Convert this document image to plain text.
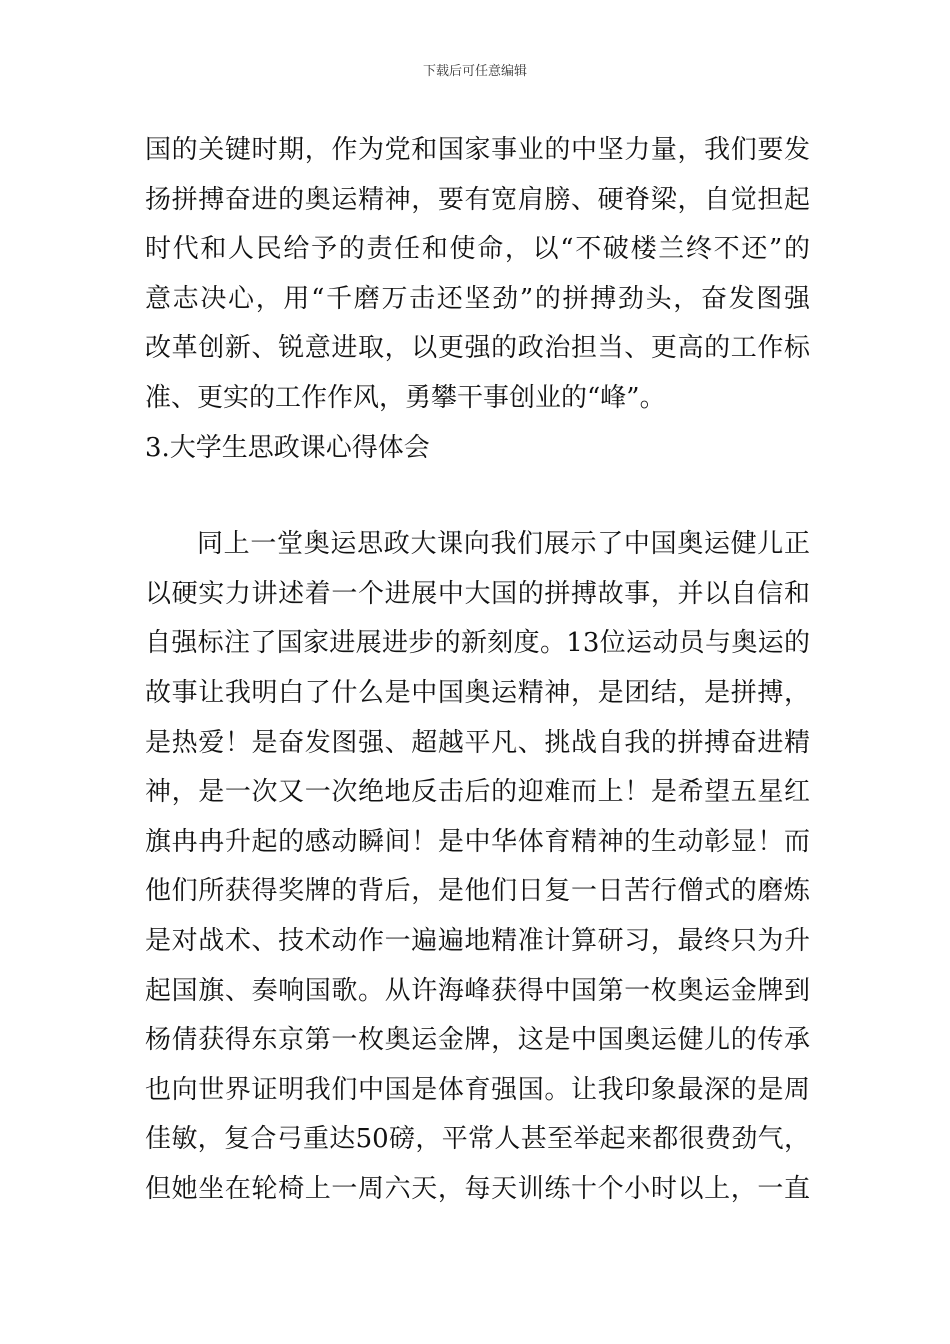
下载后可任意编辑
国的关键时期，作为党和国家事业的中坚力量，我们要发
扬拼搏奋进的奥运精神，要有宽肩膀、硬脊梁，自觉担起
时代和人民给予的责任和使命，以“不破楼兰终不还”的
意志决心，用“千磨万击还坚劲”的拼搏劲头，奋发图强
改革创新、锐意进取，以更强的政治担当、更高的工作标
准、更实的工作作风，勇攀干事创业的“峰”。
3.大学生思政课心得体会
同上一堂奥运思政大课向我们展示了中国奥运健儿正
以硬实力讲述着一个进展中大国的拼搏故事，并以自信和
自强标注了国家进展进步的新刻度。13位运动员与奥运的
故事让我明白了什么是中国奥运精神，是团结，是拼搏，
是热爱！是奋发图强、超越平凡、挑战自我的拼搏奋进精
神，是一次又一次绝地反击后的迎难而上！是希望五星红
旗冉冉升起的感动瞬间！是中华体育精神的生动彰显！而
他们所获得奖牌的背后，是他们日复一日苦行僧式的磨炼
是对战术、技术动作一遍遍地精准计算研习，最终只为升
起国旗、奏响国歌。从许海峰获得中国第一枚奥运金牌到
杨倩获得东京第一枚奥运金牌，这是中国奥运健儿的传承
也向世界证明我们中国是体育强国。让我印象最深的是周
佳敏，复合弓重达50磅，平常人甚至举起来都很费劲气，
但她坐在轮椅上一周六天，每天训练十个小时以上，一直
